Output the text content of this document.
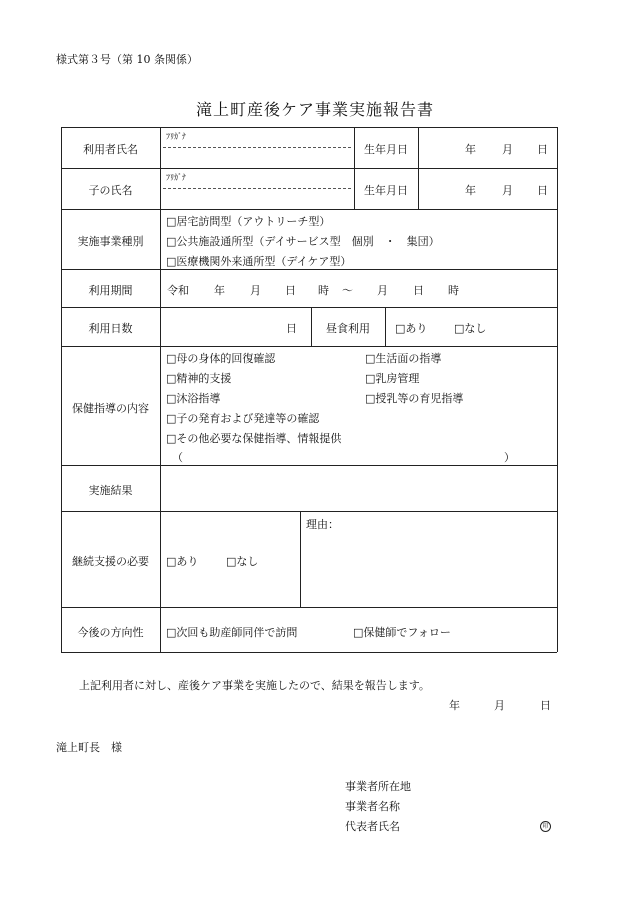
様式第３号（第 10 条関係）
滝上町産後ケア事業実施報告書
利用者氏名
ﾌﾘｶﾞﾅ
生年月日	年 月 日
子の氏名
ﾌﾘｶﾞﾅ
生年月日	年 月 日
実施事業種別
□居宅訪問型（アウトリーチ型）
□公共施設通所型（デイサービス型　個別　・　集団）
□医療機関外来通所型（デイケア型）
利用期間	令和 年 月 日 時 ～ 月 日 時
利用日数	日	昼食利用	□あり □なし
保健指導の内容
□母の身体的回復確認	□生活面の指導
□精神的支援	□乳房管理
□沐浴指導	□授乳等の育児指導
□子の発育および発達等の確認
□その他必要な保健指導、情報提供
（	）
実施結果
継続支援の必要	□あり	□なし
理由：
今後の方向性	□次回も助産師同伴で訪問	□保健師でフォロー
上記利用者に対し、産後ケア事業を実施したので、結果を報告します。
年	月	日
滝上町長　様
事業者所在地
事業者名称
代表者氏名	印
